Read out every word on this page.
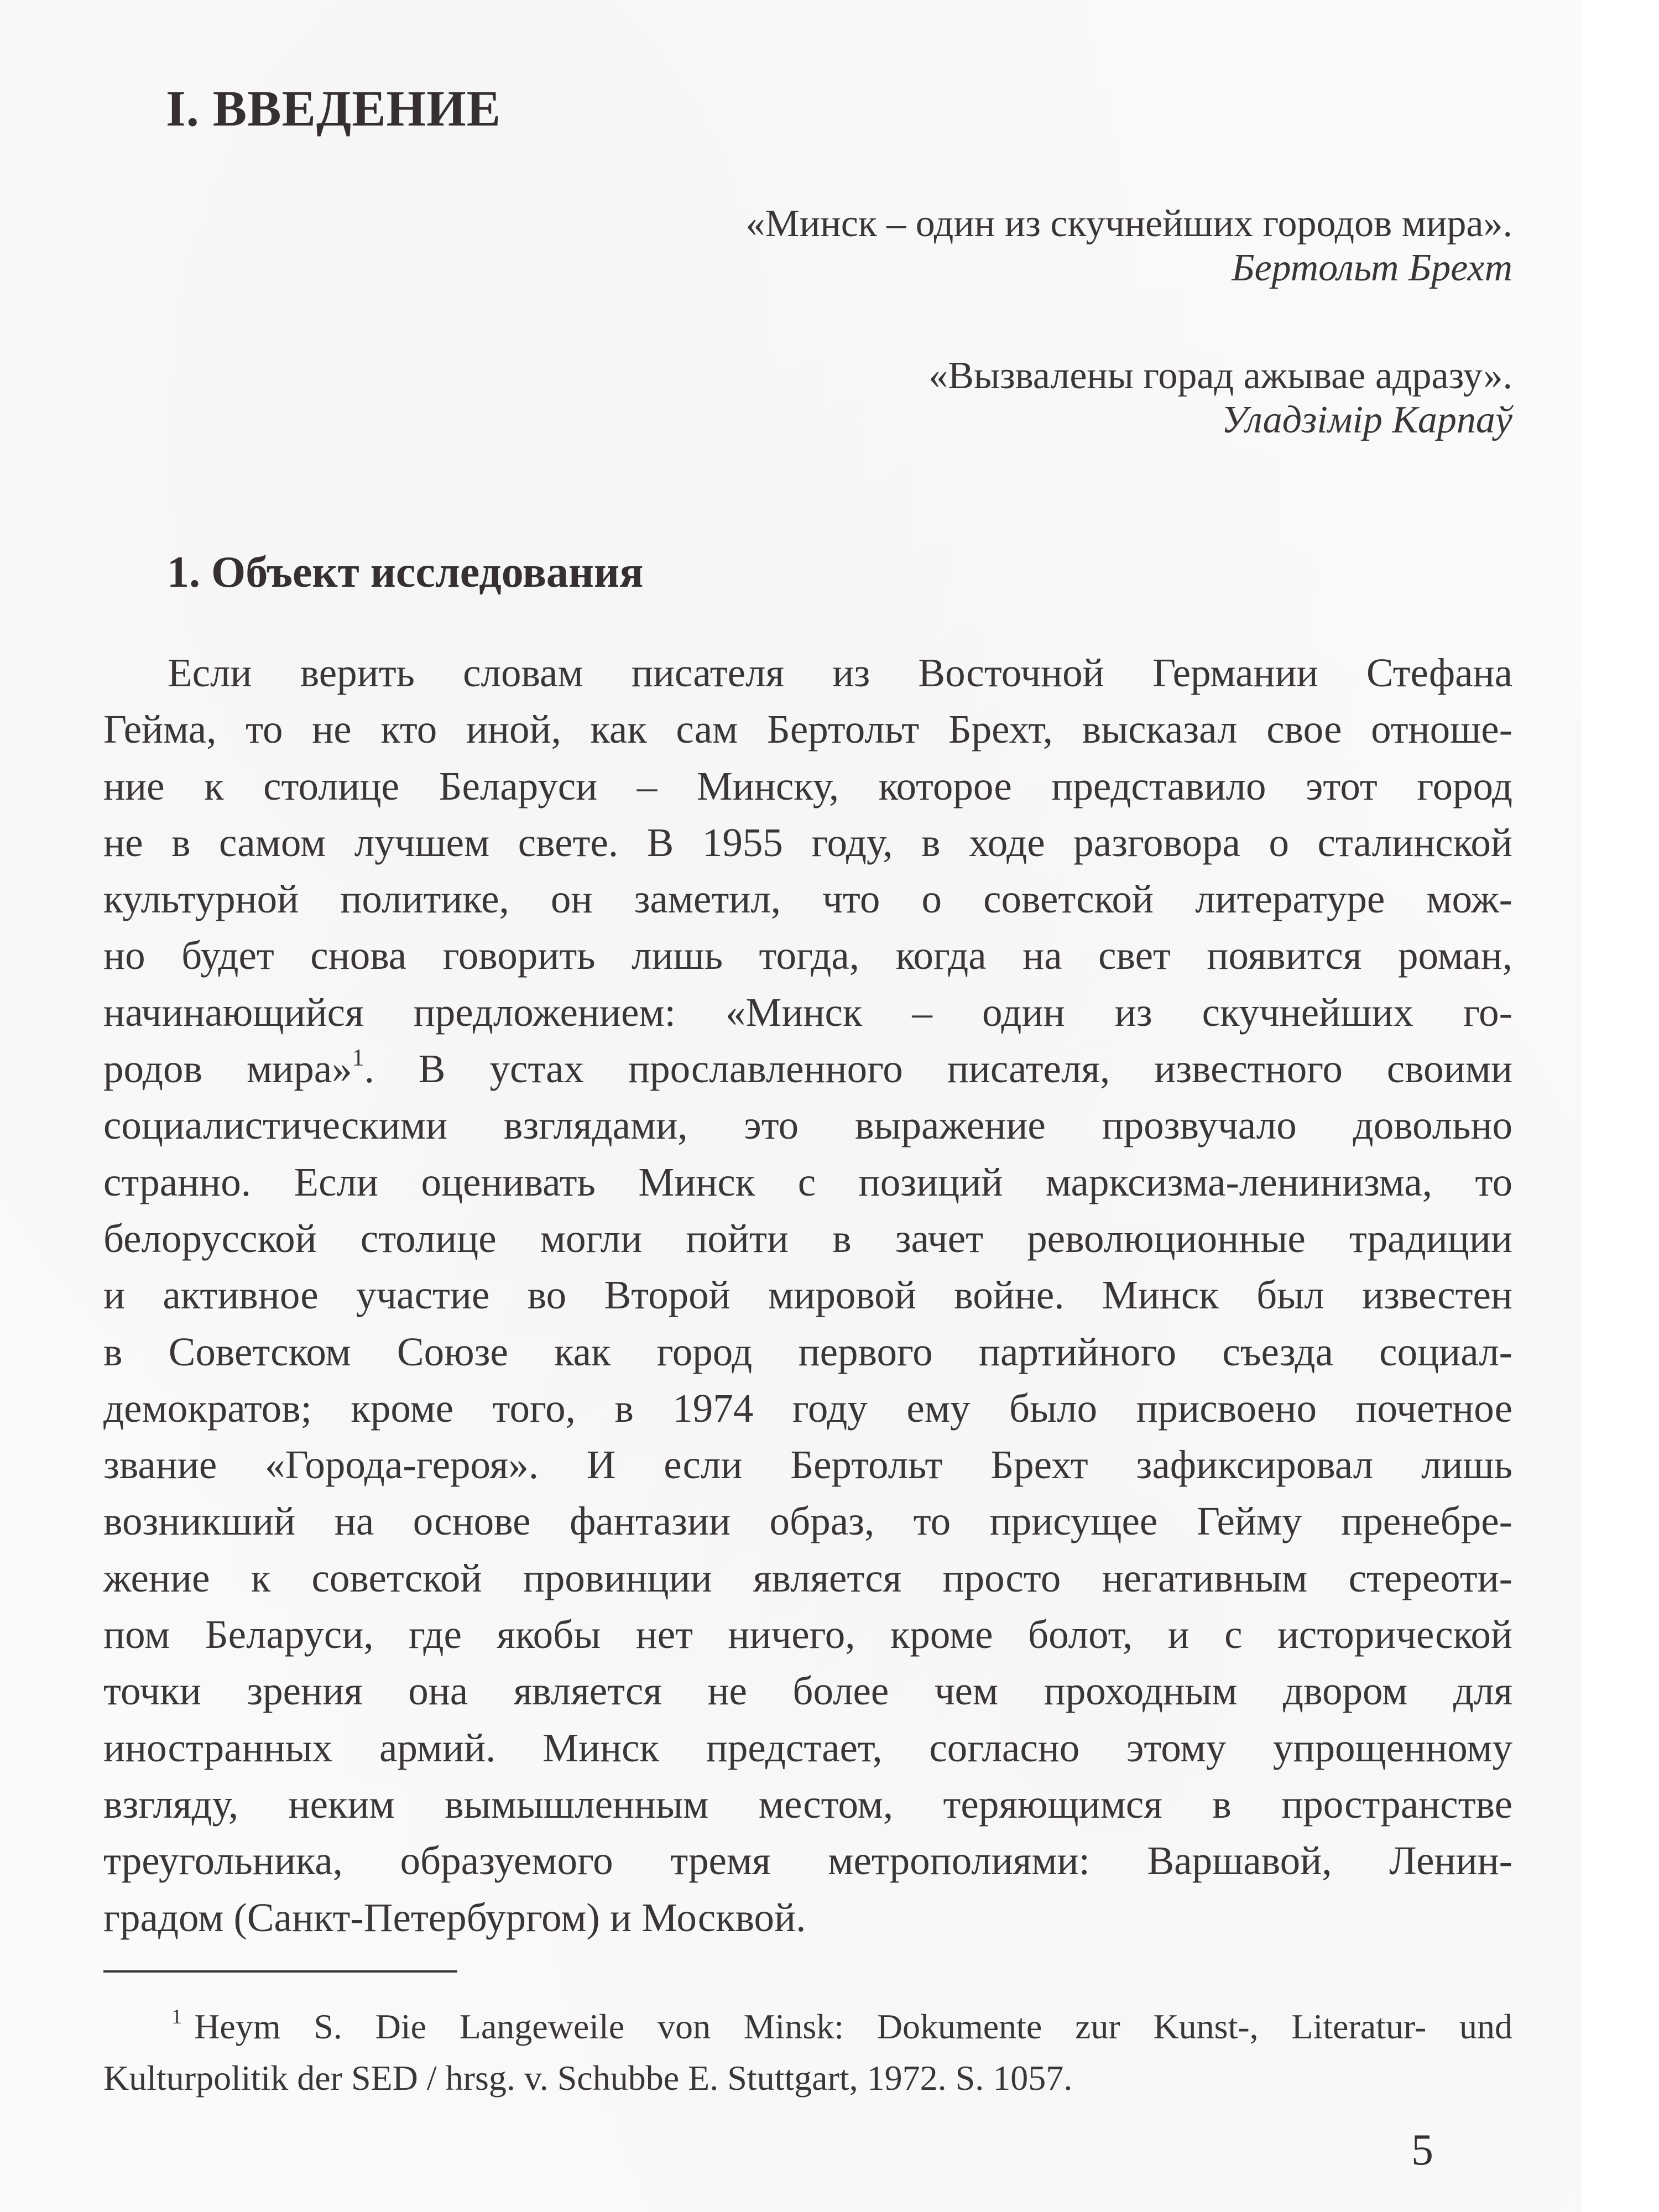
I. ВВЕДЕНИЕ
«Минск – один из скучнейших городов мира».
Бертольт Брехт
«Вызвалены горад ажывае адразу».
Уладзімір Карпаў
1. Объект исследования
Если верить словам писателя из Восточной Германии Стефана
Гейма, то не кто иной, как сам Бертольт Брехт, высказал свое отноше-
ние к столице Беларуси – Минску, которое представило этот город
не в самом лучшем свете. В 1955 году, в ходе разговора о сталинской
культурной политике, он заметил, что о советской литературе мож-
но будет снова говорить лишь тогда, когда на свет появится роман,
начинающийся предложением: «Минск – один из скучнейших го-
родов мира»$^1$. В устах прославленного писателя, известного своими
социалистическими взглядами, это выражение прозвучало довольно
странно. Если оценивать Минск с позиций марксизма-ленинизма, то
белорусской столице могли пойти в зачет революционные традиции
и активное участие во Второй мировой войне. Минск был известен
в Советском Союзе как город первого партийного съезда социал-
демократов; кроме того, в 1974 году ему было присвоено почетное
звание «Города-героя». И если Бертольт Брехт зафиксировал лишь
возникший на основе фантазии образ, то присущее Гейму пренебре-
жение к советской провинции является просто негативным стереоти-
пом Беларуси, где якобы нет ничего, кроме болот, и с исторической
точки зрения она является не более чем проходным двором для
иностранных армий. Минск предстает, согласно этому упрощенному
взгляду, неким вымышленным местом, теряющимся в пространстве
треугольника, образуемого тремя метрополиями: Варшавой, Ленин-
градом (Санкт-Петербургом) и Москвой.
$^1$ Heym S. Die Langeweile von Minsk: Dokumente zur Kunst-, Literatur- und
Kulturpolitik der SED / hrsg. v. Schubbe E. Stuttgart, 1972. S. 1057.
5
